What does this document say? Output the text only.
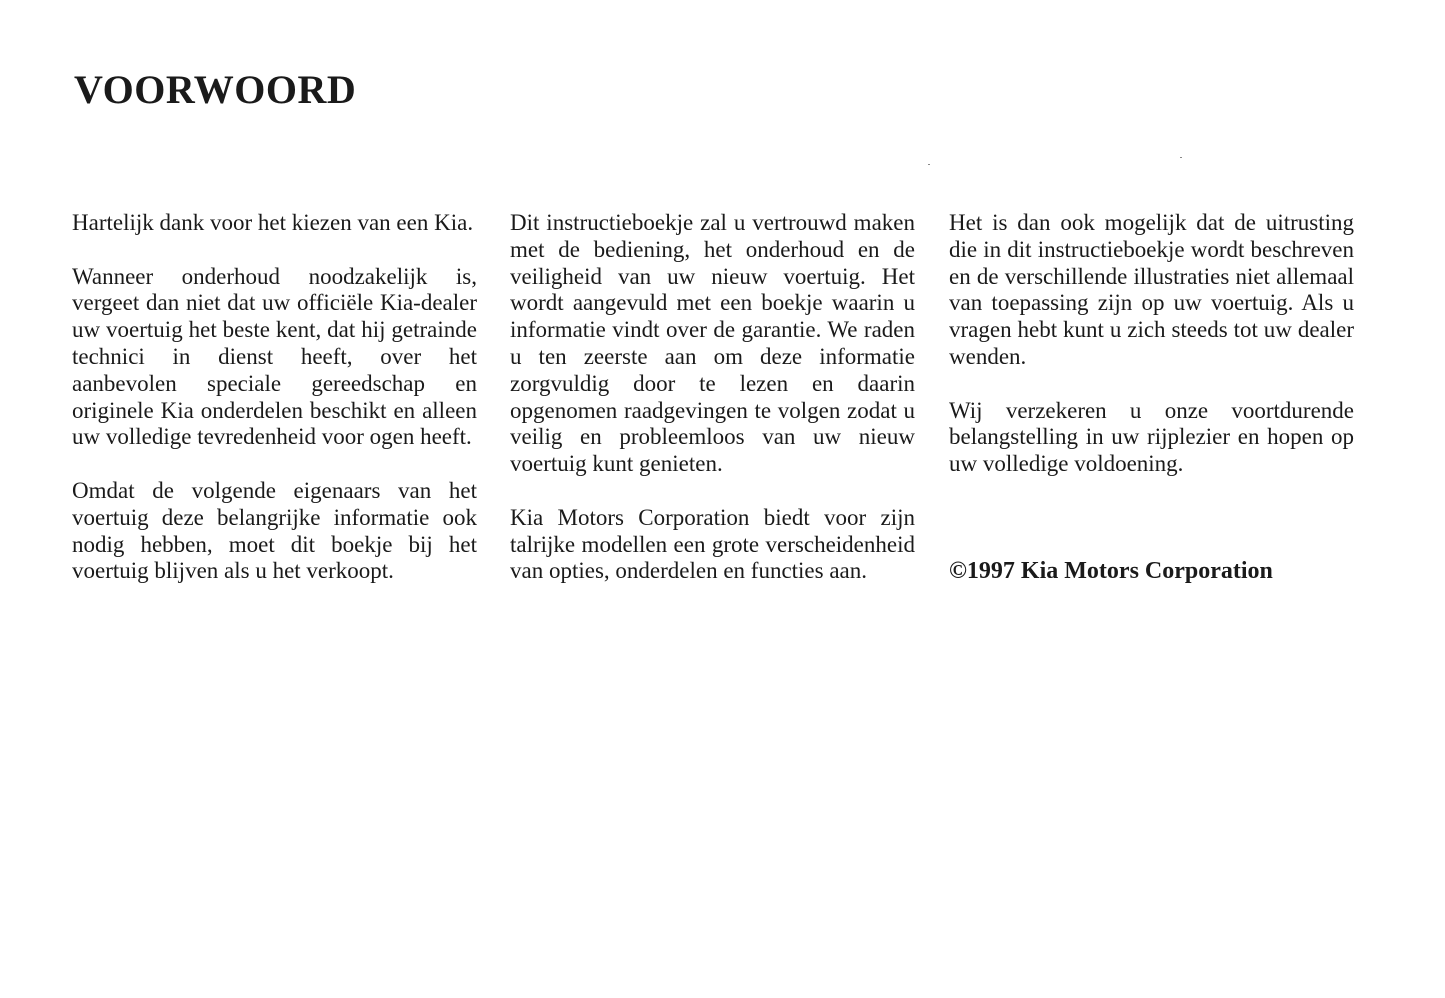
VOORWOORD

Hartelijk dank voor het kiezen van een Kia.

Wanneer onderhoud noodzakelijk is, vergeet dan niet dat uw officiële Kia-dealer uw voertuig het beste kent, dat hij getrainde technici in dienst heeft, over het aanbevolen speciale gereedschap en originele Kia onderdelen beschikt en alleen uw volledige tevredenheid voor ogen heeft.

Omdat de volgende eigenaars van het voertuig deze belangrijke informatie ook nodig hebben, moet dit boekje bij het voertuig blijven als u het verkoopt.

Dit instructieboekje zal u vertrouwd maken met de bediening, het onderhoud en de veiligheid van uw nieuw voertuig. Het wordt aangevuld met een boekje waarin u informatie vindt over de garantie. We raden u ten zeerste aan om deze informatie zorgvuldig door te lezen en daarin opgenomen raadgevingen te volgen zodat u veilig en probleemloos van uw nieuw voertuig kunt genieten.

Kia Motors Corporation biedt voor zijn talrijke modellen een grote verscheidenheid van opties, onderdelen en functies aan.

Het is dan ook mogelijk dat de uitrusting die in dit instructieboekje wordt beschreven en de verschillende illustraties niet allemaal van toepassing zijn op uw voertuig. Als u vragen hebt kunt u zich steeds tot uw dealer wenden.

Wij verzekeren u onze voortdurende belangstelling in uw rijplezier en hopen op uw volledige voldoening.

©1997 Kia Motors Corporation
